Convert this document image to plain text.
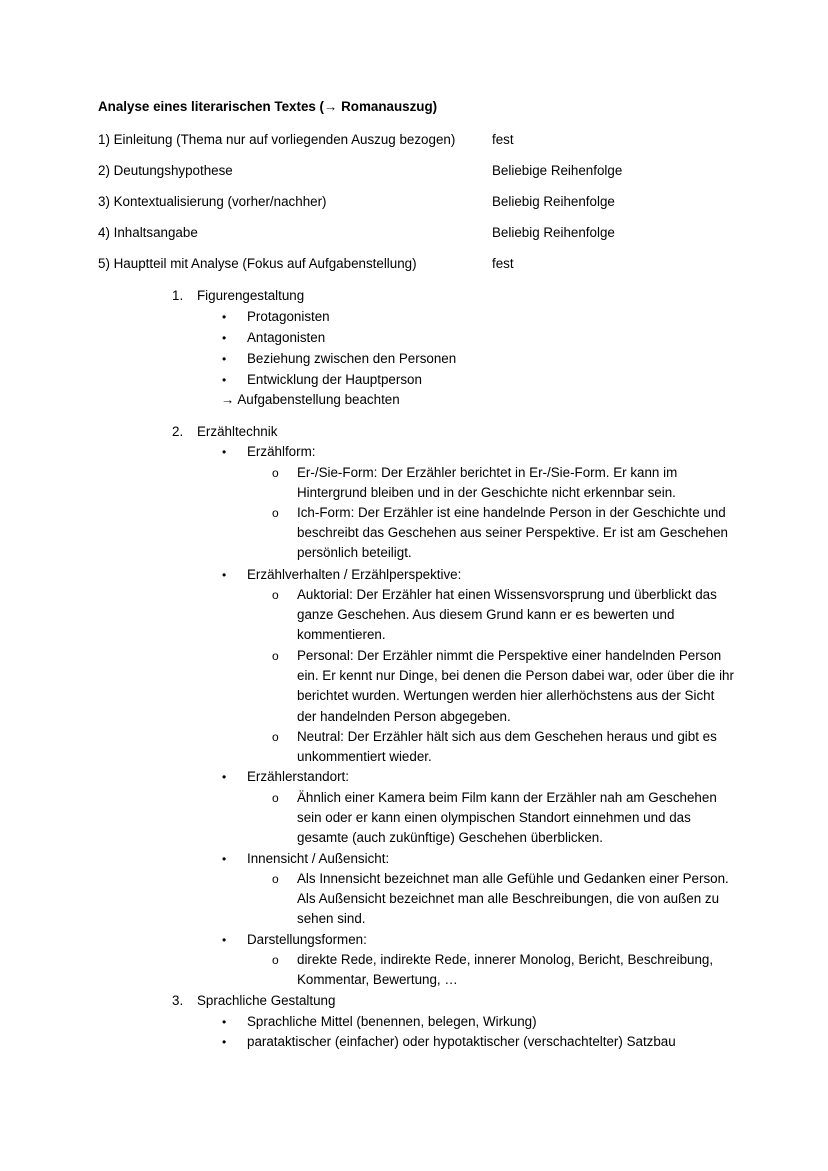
Analyse eines literarischen Textes (→ Romanauszug)
1) Einleitung (Thema nur auf vorliegenden Auszug bezogen)	fest
2) Deutungshypothese	Beliebige Reihenfolge
3) Kontextualisierung (vorher/nachher)	Beliebig Reihenfolge
4) Inhaltsangabe	Beliebig Reihenfolge
5) Hauptteil mit Analyse (Fokus auf Aufgabenstellung)	fest
1. Figurengestaltung
• Protagonisten
• Antagonisten
• Beziehung zwischen den Personen
• Entwicklung der Hauptperson
→ Aufgabenstellung beachten
2. Erzähltechnik
• Erzählform:
o Er-/Sie-Form: Der Erzähler berichtet in Er-/Sie-Form. Er kann im Hintergrund bleiben und in der Geschichte nicht erkennbar sein.
o Ich-Form: Der Erzähler ist eine handelnde Person in der Geschichte und beschreibt das Geschehen aus seiner Perspektive. Er ist am Geschehen persönlich beteiligt.
• Erzählverhalten / Erzählperspektive:
o Auktorial: Der Erzähler hat einen Wissensvorsprung und überblickt das ganze Geschehen. Aus diesem Grund kann er es bewerten und kommentieren.
o Personal: Der Erzähler nimmt die Perspektive einer handelnden Person ein. Er kennt nur Dinge, bei denen die Person dabei war, oder über die ihr berichtet wurden. Wertungen werden hier allerhöchstens aus der Sicht der handelnden Person abgegeben.
o Neutral: Der Erzähler hält sich aus dem Geschehen heraus und gibt es unkommentiert wieder.
• Erzählerstandort:
o Ähnlich einer Kamera beim Film kann der Erzähler nah am Geschehen sein oder er kann einen olympischen Standort einnehmen und das gesamte (auch zukünftige) Geschehen überblicken.
• Innensicht / Außensicht:
o Als Innensicht bezeichnet man alle Gefühle und Gedanken einer Person. Als Außensicht bezeichnet man alle Beschreibungen, die von außen zu sehen sind.
• Darstellungsformen:
o direkte Rede, indirekte Rede, innerer Monolog, Bericht, Beschreibung, Kommentar, Bewertung, …
3. Sprachliche Gestaltung
• Sprachliche Mittel (benennen, belegen, Wirkung)
• parataktischer (einfacher) oder hypotaktischer (verschachtelter) Satzbau
